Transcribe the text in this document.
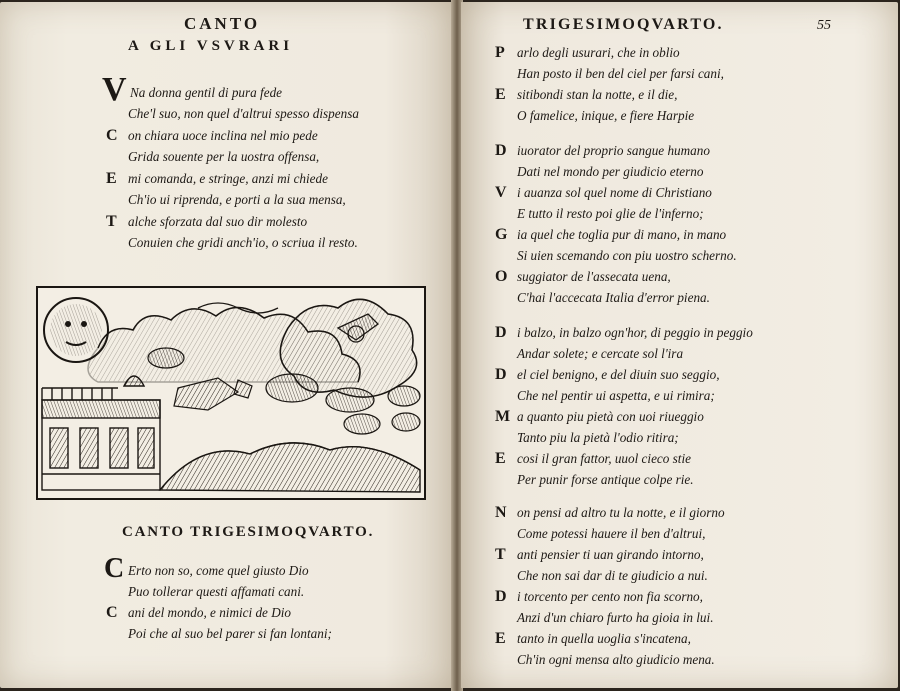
CANTO
A GLI VSVRARI
V Na donna gentil di pura fede
Che'l suo, non quel d'altrui spesso dispensa
C on chiara uoce inclina nel mio pede
Grida souente per la uostra offensa,
E mi comanda, e stringe, anzi mi chiede
Ch'io ui riprenda, e porti a la sua mensa,
T alche sforzata dal suo dir molesto
Conuien che gridi anch'io, o scriua il resto.
CANTO TRIGESIMOQVARTO.
C Erto non so, come quel giusto Dio
Puo tollerar questi affamati cani.
C ani del mondo, e nimici de Dio
Poi che al suo bel parer si fan lontani;
TRIGESIMOQVARTO.	55
P arlo degli usurari, che in oblio
Han posto il ben del ciel per farsi cani,
E sitibondi stan la notte, e il die,
O famelice, inique, e fiere Harpie
D iuorator del proprio sangue humano
Dati nel mondo per giudicio eterno
V i auanza sol quel nome di Christiano
E tutto il resto poi glie de l'inferno;
G ia quel che toglia pur di mano, in mano
Si uien scemando con piu uostro scherno.
O suggiator de l'assecata uena,
C'hai l'accecata Italia d'error piena.
D i balzo, in balzo ogn'hor, di peggio in peggio
Andar solete; e cercate sol l'ira
D el ciel benigno, e del diuin suo seggio,
Che nel pentir ui aspetta, e ui rimira;
M a quanto piu pietà con uoi riueggio
Tanto piu la pietà l'odio ritira;
E cosi il gran fattor, uuol cieco stie
Per punir forse antique colpe rie.
N on pensi ad altro tu la notte, e il giorno
Come potessi hauere il ben d'altrui,
T anti pensier ti uan girando intorno,
Che non sai dar di te giudicio a nui.
D i torcento per cento non fia scorno,
Anzi d'un chiaro furto ha gioia in lui.
E tanto in quella uoglia s'incatena,
Ch'in ogni mensa alto giudicio mena.
